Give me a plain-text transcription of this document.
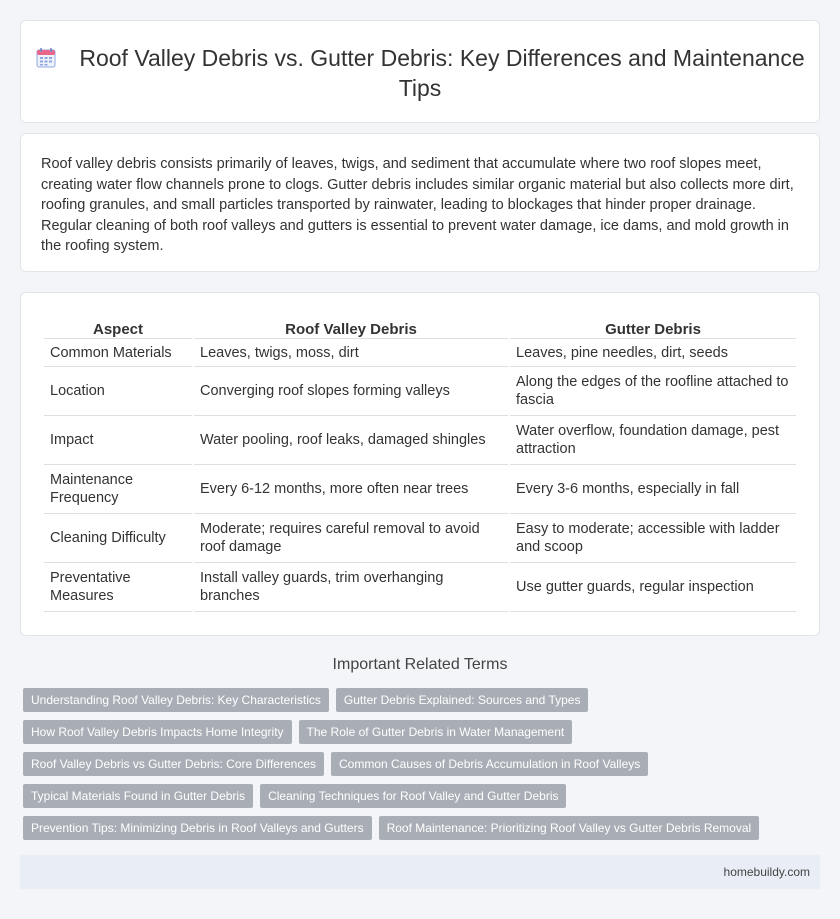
Roof Valley Debris vs. Gutter Debris: Key Differences and Maintenance Tips

Roof valley debris consists primarily of leaves, twigs, and sediment that accumulate where two roof slopes meet, creating water flow channels prone to clogs. Gutter debris includes similar organic material but also collects more dirt, roofing granules, and small particles transported by rainwater, leading to blockages that hinder proper drainage. Regular cleaning of both roof valleys and gutters is essential to prevent water damage, ice dams, and mold growth in the roofing system.

Aspect	Roof Valley Debris	Gutter Debris
Common Materials	Leaves, twigs, moss, dirt	Leaves, pine needles, dirt, seeds
Location	Converging roof slopes forming valleys	Along the edges of the roofline attached to fascia
Impact	Water pooling, roof leaks, damaged shingles	Water overflow, foundation damage, pest attraction
Maintenance Frequency	Every 6-12 months, more often near trees	Every 3-6 months, especially in fall
Cleaning Difficulty	Moderate; requires careful removal to avoid roof damage	Easy to moderate; accessible with ladder and scoop
Preventative Measures	Install valley guards, trim overhanging branches	Use gutter guards, regular inspection
Important Related Terms
Understanding Roof Valley Debris: Key Characteristics Gutter Debris Explained: Sources and Types
How Roof Valley Debris Impacts Home Integrity The Role of Gutter Debris in Water Management
Roof Valley Debris vs Gutter Debris: Core Differences Common Causes of Debris Accumulation in Roof Valleys
Typical Materials Found in Gutter Debris Cleaning Techniques for Roof Valley and Gutter Debris
Prevention Tips: Minimizing Debris in Roof Valleys and Gutters Roof Maintenance: Prioritizing Roof Valley vs Gutter Debris Removal
homebuildy.com
